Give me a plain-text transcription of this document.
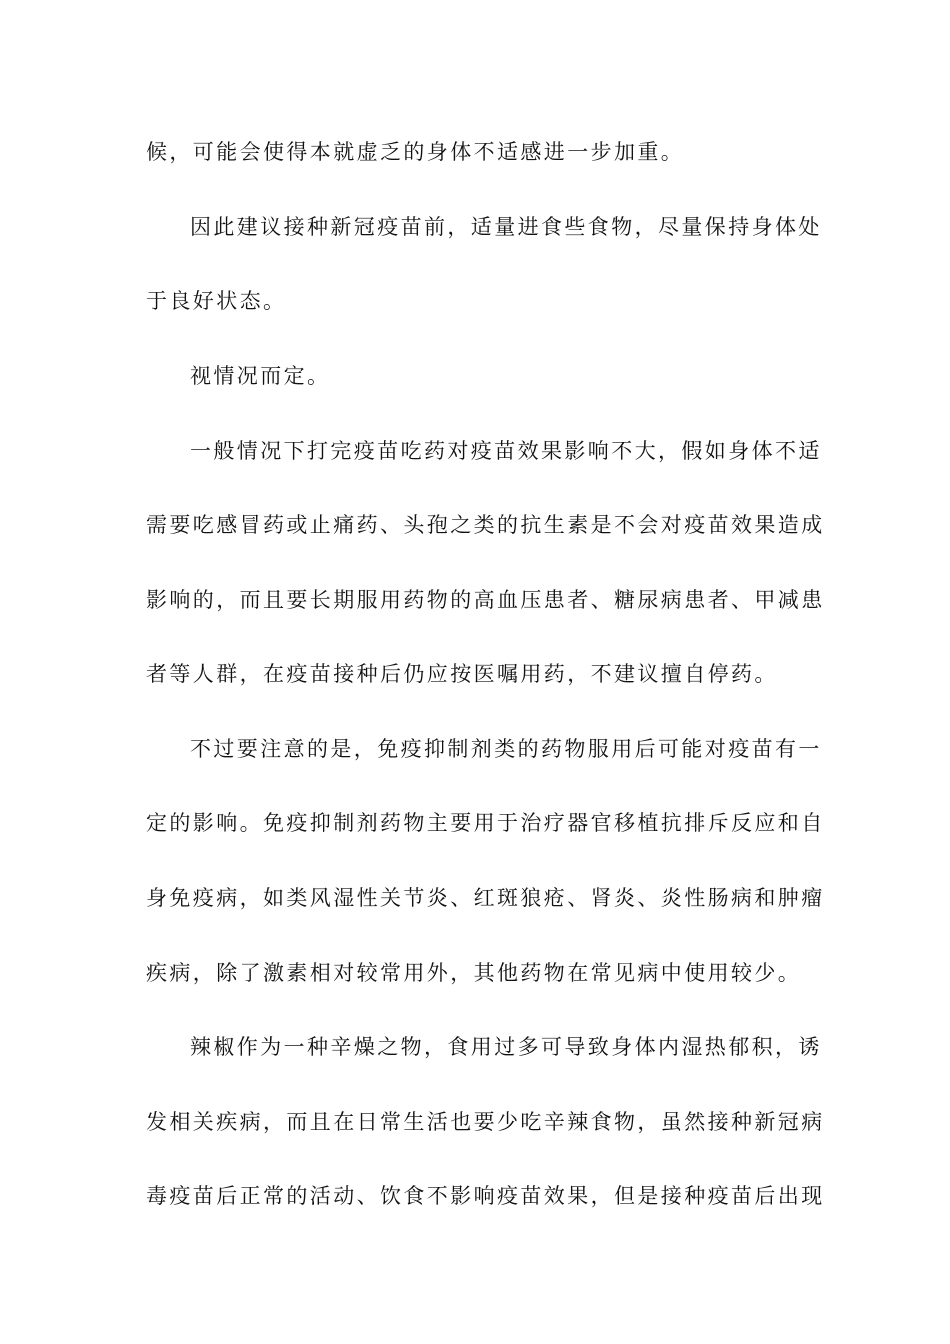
候，可能会使得本就虚乏的身体不适感进一步加重。
因此建议接种新冠疫苗前，适量进食些食物，尽量保持身体处
于良好状态。
视情况而定。
一般情况下打完疫苗吃药对疫苗效果影响不大，假如身体不适
需要吃感冒药或止痛药、头孢之类的抗生素是不会对疫苗效果造成
影响的，而且要长期服用药物的高血压患者、糖尿病患者、甲减患
者等人群，在疫苗接种后仍应按医嘱用药，不建议擅自停药。
不过要注意的是，免疫抑制剂类的药物服用后可能对疫苗有一
定的影响。免疫抑制剂药物主要用于治疗器官移植抗排斥反应和自
身免疫病，如类风湿性关节炎、红斑狼疮、肾炎、炎性肠病和肿瘤
疾病，除了激素相对较常用外，其他药物在常见病中使用较少。
辣椒作为一种辛燥之物，食用过多可导致身体内湿热郁积，诱
发相关疾病，而且在日常生活也要少吃辛辣食物，虽然接种新冠病
毒疫苗后正常的活动、饮食不影响疫苗效果，但是接种疫苗后出现
